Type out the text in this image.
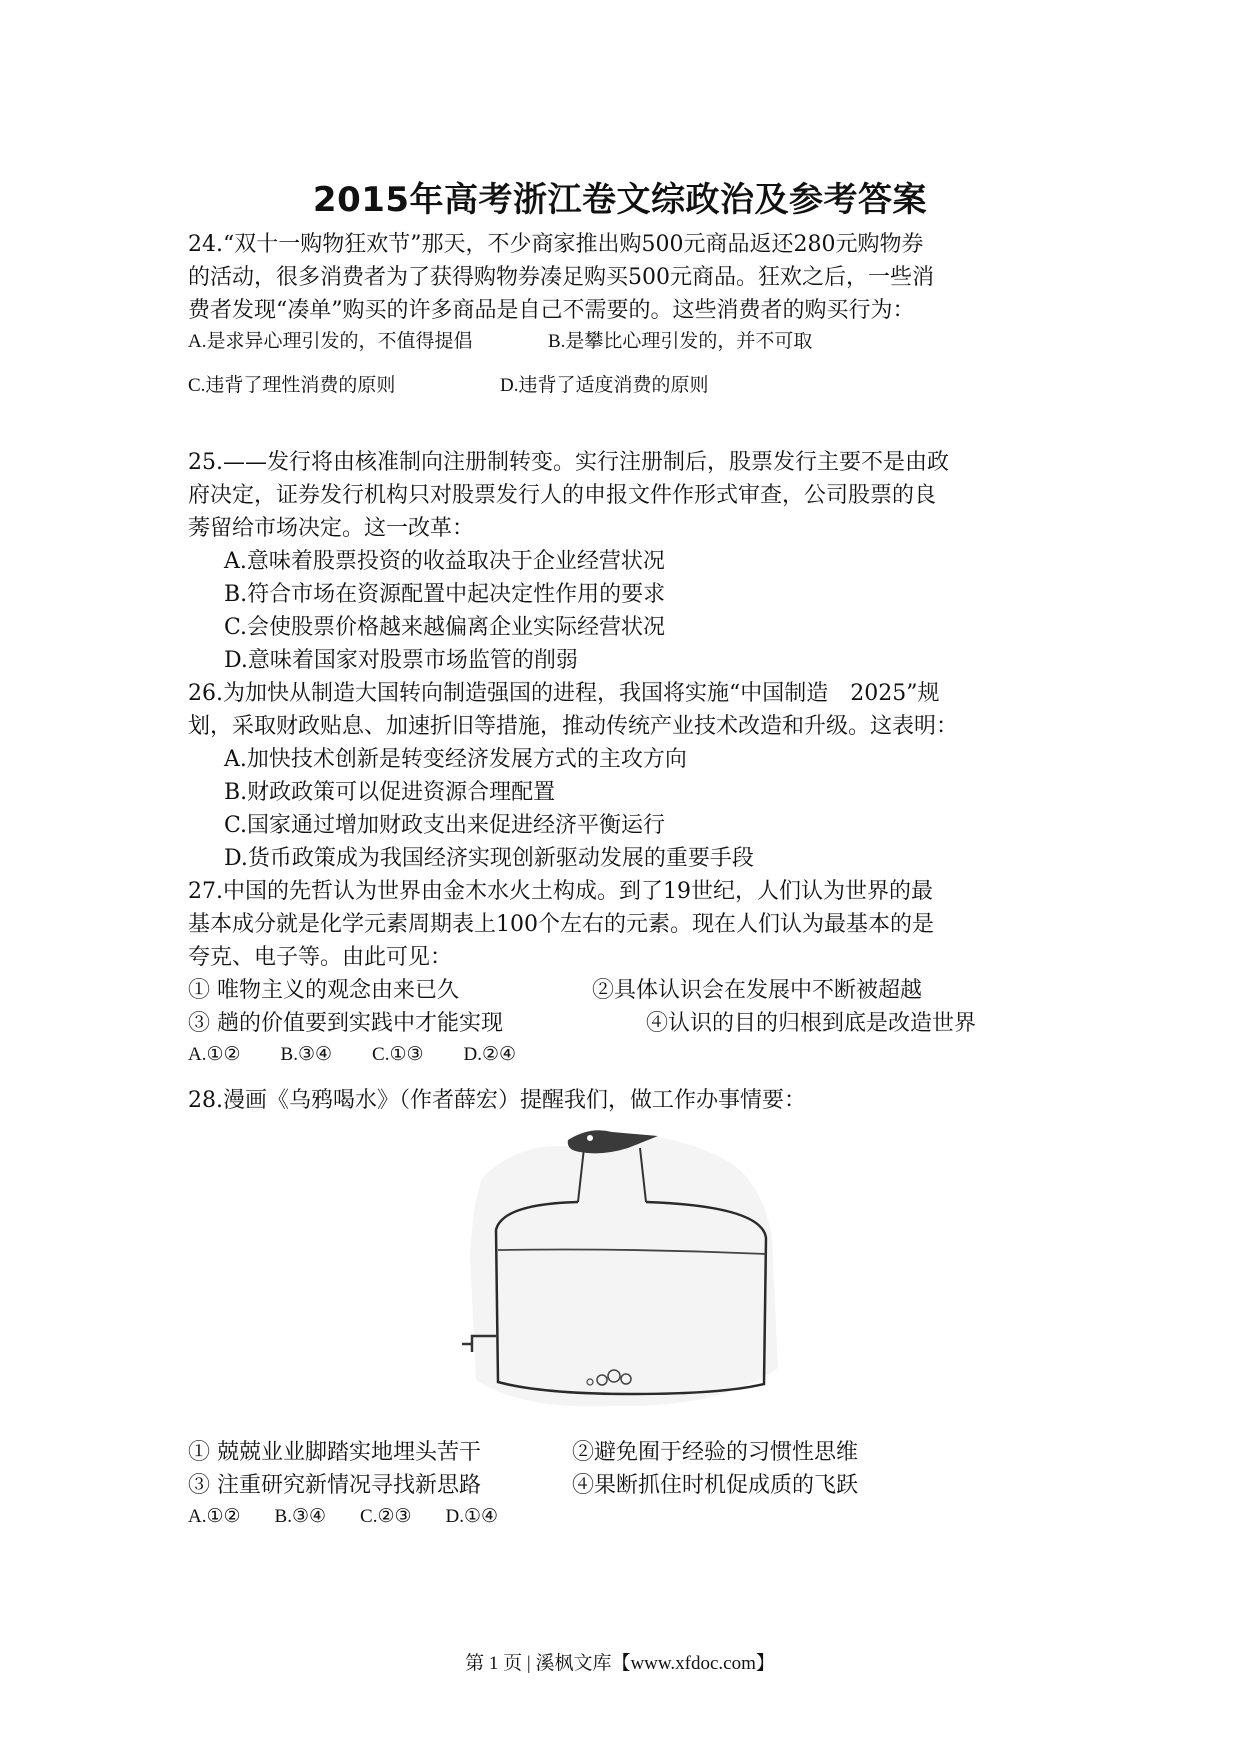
2015年高考浙江卷文综政治及参考答案
24.“双十一购物狂欢节”那天，不少商家推出购500元商品返还280元购物券
的活动，很多消费者为了获得购物券凑足购买500元商品。狂欢之后，一些消
费者发现“凑单”购买的许多商品是自己不需要的。这些消费者的购买行为：
A.是求异心理引发的，不值得提倡	B.是攀比心理引发的，并不可取
C.违背了理性消费的原则	D.违背了适度消费的原则
25.——发行将由核准制向注册制转变。实行注册制后，股票发行主要不是由政
府决定，证券发行机构只对股票发行人的申报文件作形式审查，公司股票的良
莠留给市场决定。这一改革：
A.意味着股票投资的收益取决于企业经营状况
B.符合市场在资源配置中起决定性作用的要求
C.会使股票价格越来越偏离企业实际经营状况
D.意味着国家对股票市场监管的削弱
26.为加快从制造大国转向制造强国的进程，我国将实施“中国制造　2025”规
划，采取财政贴息、加速折旧等措施，推动传统产业技术改造和升级。这表明：
A.加快技术创新是转变经济发展方式的主攻方向
B.财政政策可以促进资源合理配置
C.国家通过增加财政支出来促进经济平衡运行
D.货币政策成为我国经济实现创新驱动发展的重要手段
27.中国的先哲认为世界由金木水火土构成。到了19世纪，人们认为世界的最
基本成分就是化学元素周期表上100个左右的元素。现在人们认为最基本的是
夸克、电子等。由此可见：
① 唯物主义的观念由来已久	②具体认识会在发展中不断被超越
③ 趟的价值要到实践中才能实现	④认识的目的归根到底是改造世界
A.①② B.③④ C.①③ D.②④
28.漫画《乌鸦喝水》（作者薛宏）提醒我们，做工作办事情要：
① 兢兢业业脚踏实地埋头苦干	②避免囿于经验的习惯性思维
③ 注重研究新情况寻找新思路	④果断抓住时机促成质的飞跃
A.①② B.③④ C.②③ D.①④
第 1 页 | 溪枫文库【www.xfdoc.com】
